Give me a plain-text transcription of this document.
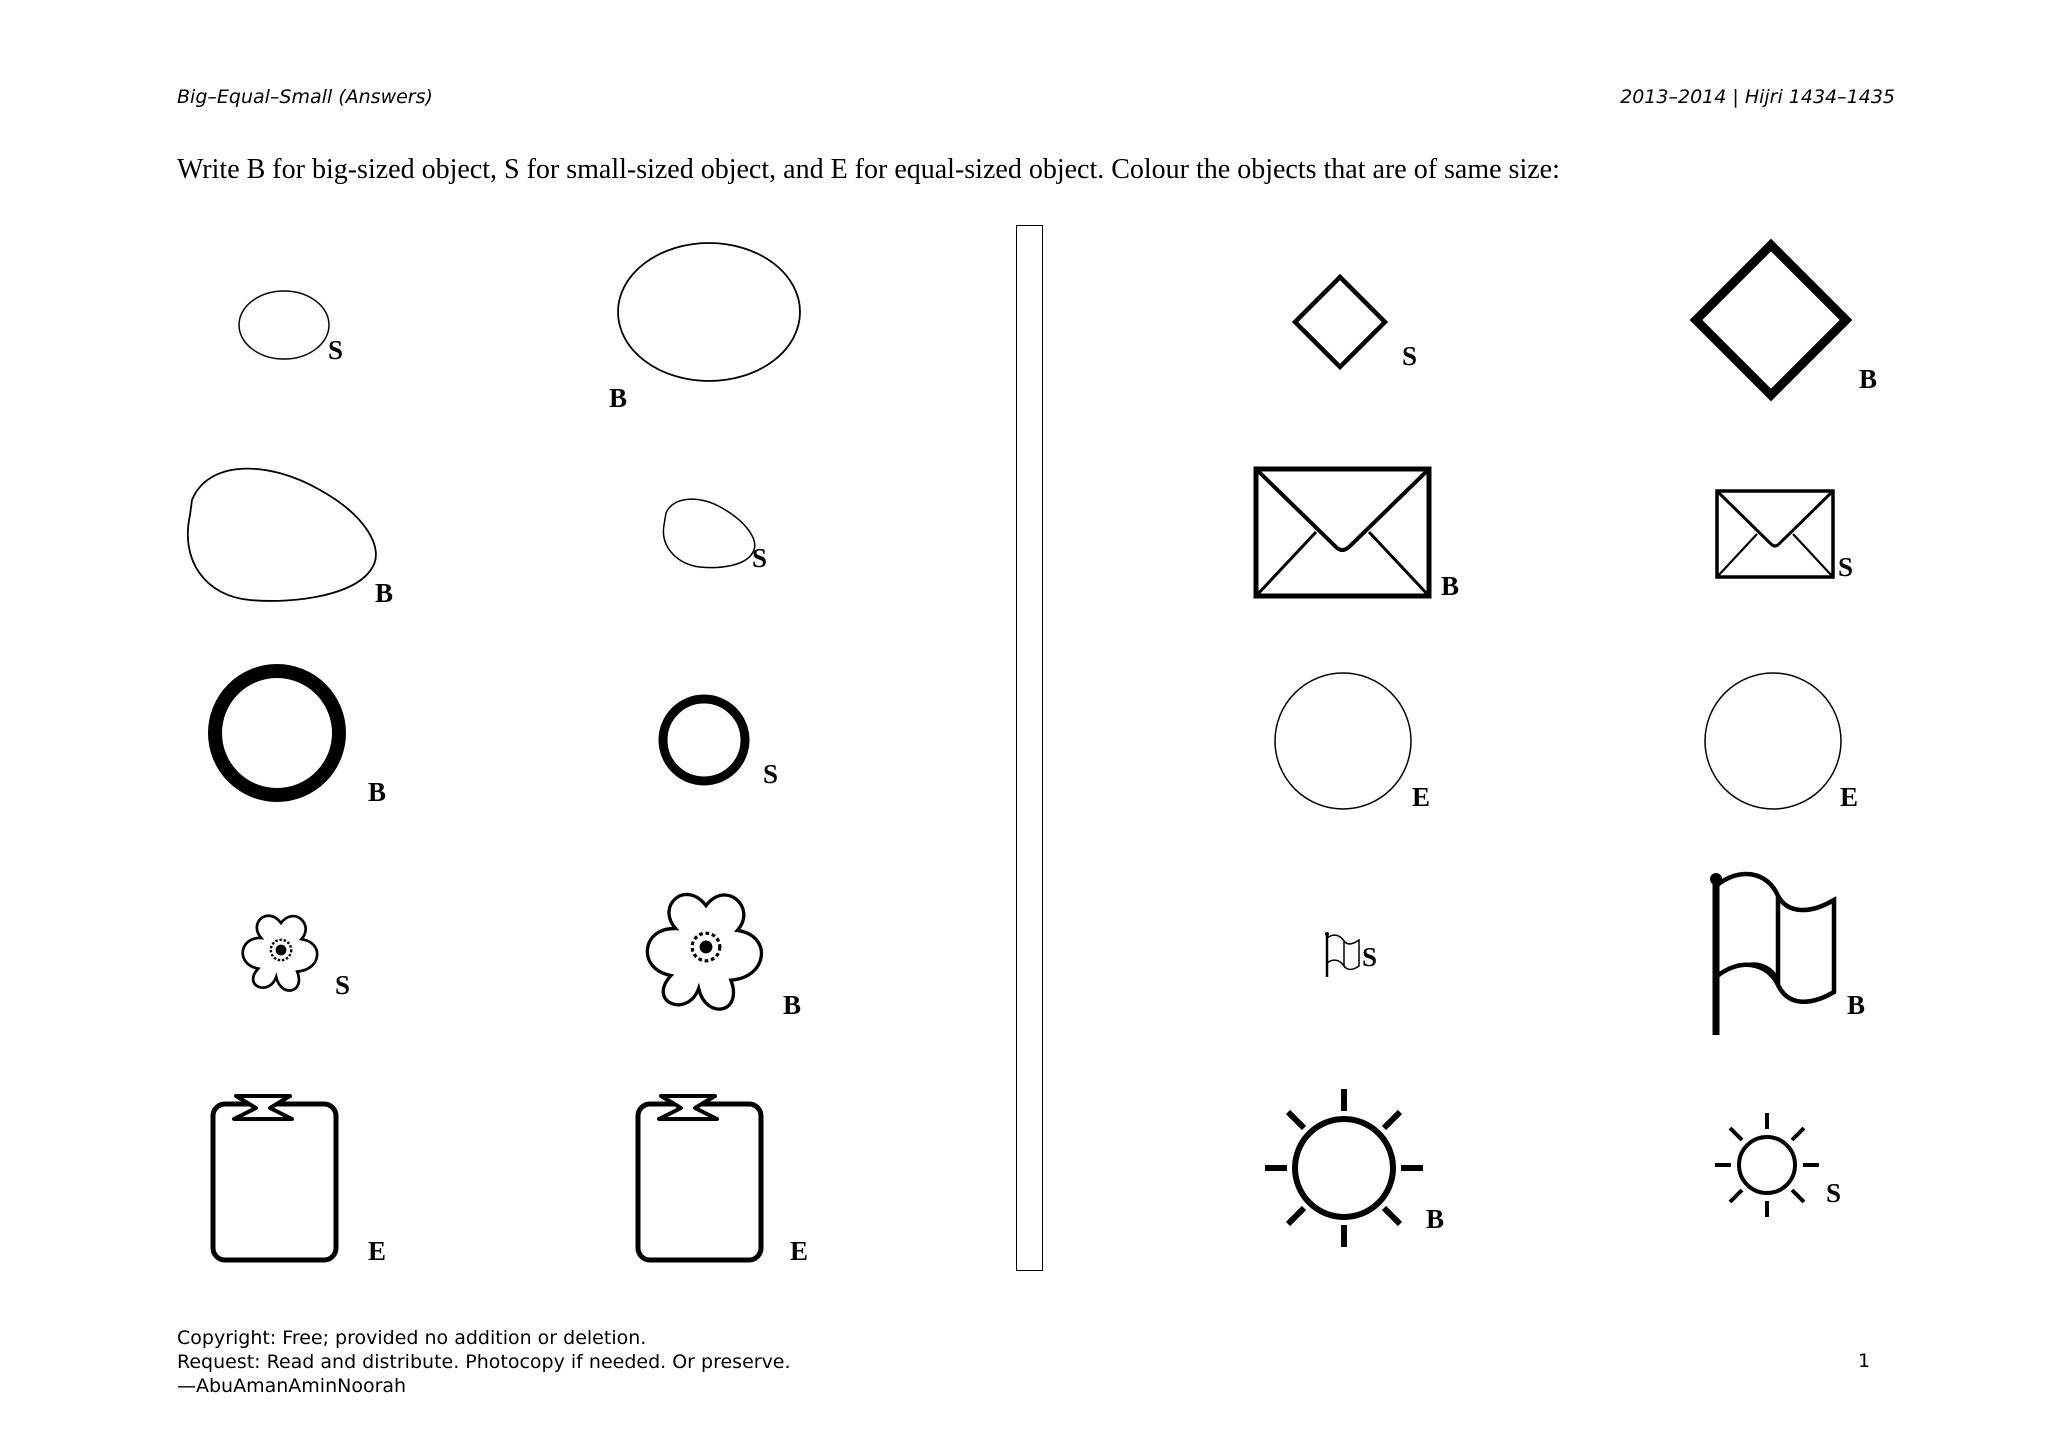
Big–Equal–Small (Answers)	2013–2014 | Hijri 1434–1435
Write B for big-sized object, S for small-sized object, and E for equal-sized object. Colour the objects that are of same size:
S
B
B
S
B
S
S
B
E	E
S
B
B
S
E	E
S
B
B
S
Copyright: Free; provided no addition or deletion.
Request: Read and distribute. Photocopy if needed. Or preserve.
—AbuAmanAminNoorah
1
